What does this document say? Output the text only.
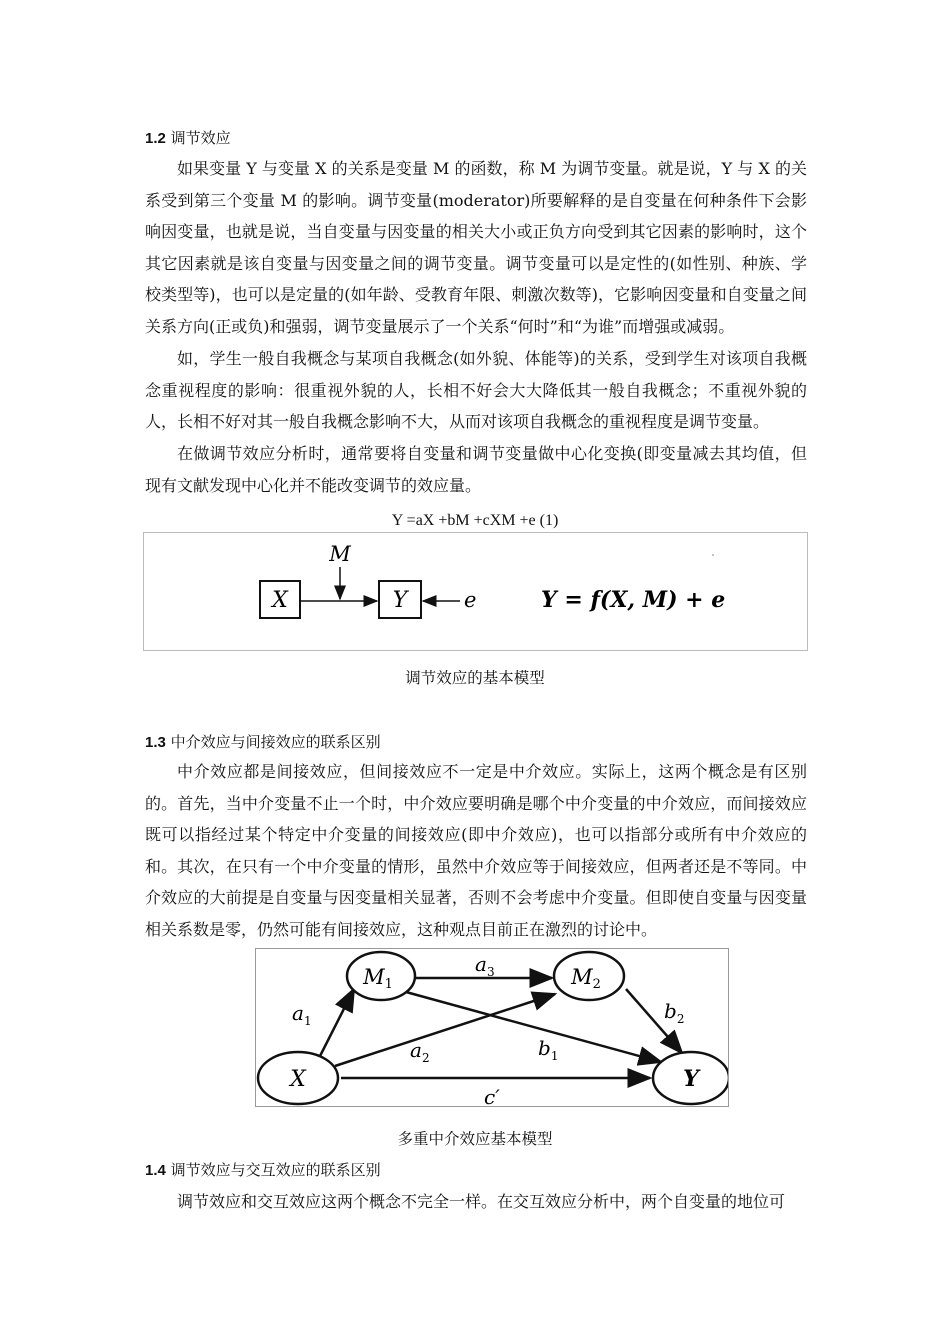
1.2 调节效应

如果变量 Y 与变量 X 的关系是变量 M 的函数，称 M 为调节变量。就是说，Y 与 X 的关系受到第三个变量 M 的影响。调节变量(moderator)所要解释的是自变量在何种条件下会影响因变量，也就是说，当自变量与因变量的相关大小或正负方向受到其它因素的影响时，这个其它因素就是该自变量与因变量之间的调节变量。调节变量可以是定性的(如性别、种族、学校类型等)，也可以是定量的(如年龄、受教育年限、刺激次数等)，它影响因变量和自变量之间关系方向(正或负)和强弱，调节变量展示了一个关系“何时”和“为谁”而增强或减弱。

如，学生一般自我概念与某项自我概念(如外貌、体能等)的关系，受到学生对该项自我概念重视程度的影响：很重视外貌的人，长相不好会大大降低其一般自我概念；不重视外貌的人，长相不好对其一般自我概念影响不大，从而对该项自我概念的重视程度是调节变量。

在做调节效应分析时，通常要将自变量和调节变量做中心化变换(即变量减去其均值，但现有文献发现中心化并不能改变调节的效应量。

Y =aX +bM +cXM +e (1)
X	Y
M
e	Y = f(X, M) + e
调节效应的基本模型
1.3 中介效应与间接效应的联系区别

中介效应都是间接效应，但间接效应不一定是中介效应。实际上，这两个概念是有区别的。首先，当中介变量不止一个时，中介效应要明确是哪个中介变量的中介效应，而间接效应既可以指经过某个特定中介变量的间接效应(即中介效应)，也可以指部分或所有中介效应的和。其次，在只有一个中介变量的情形，虽然中介效应等于间接效应，但两者还是不等同。中介效应的大前提是自变量与因变量相关显著，否则不会考虑中介变量。但即使自变量与因变量相关系数是零，仍然可能有间接效应，这种观点目前正在激烈的讨论中。

M1	M2
X	Y
$a_1$
$a_3$
$a_2$	$b_1$
$b_2$
c′
多重中介效应基本模型
1.4 调节效应与交互效应的联系区别

调节效应和交互效应这两个概念不完全一样。在交互效应分析中，两个自变量的地位可
